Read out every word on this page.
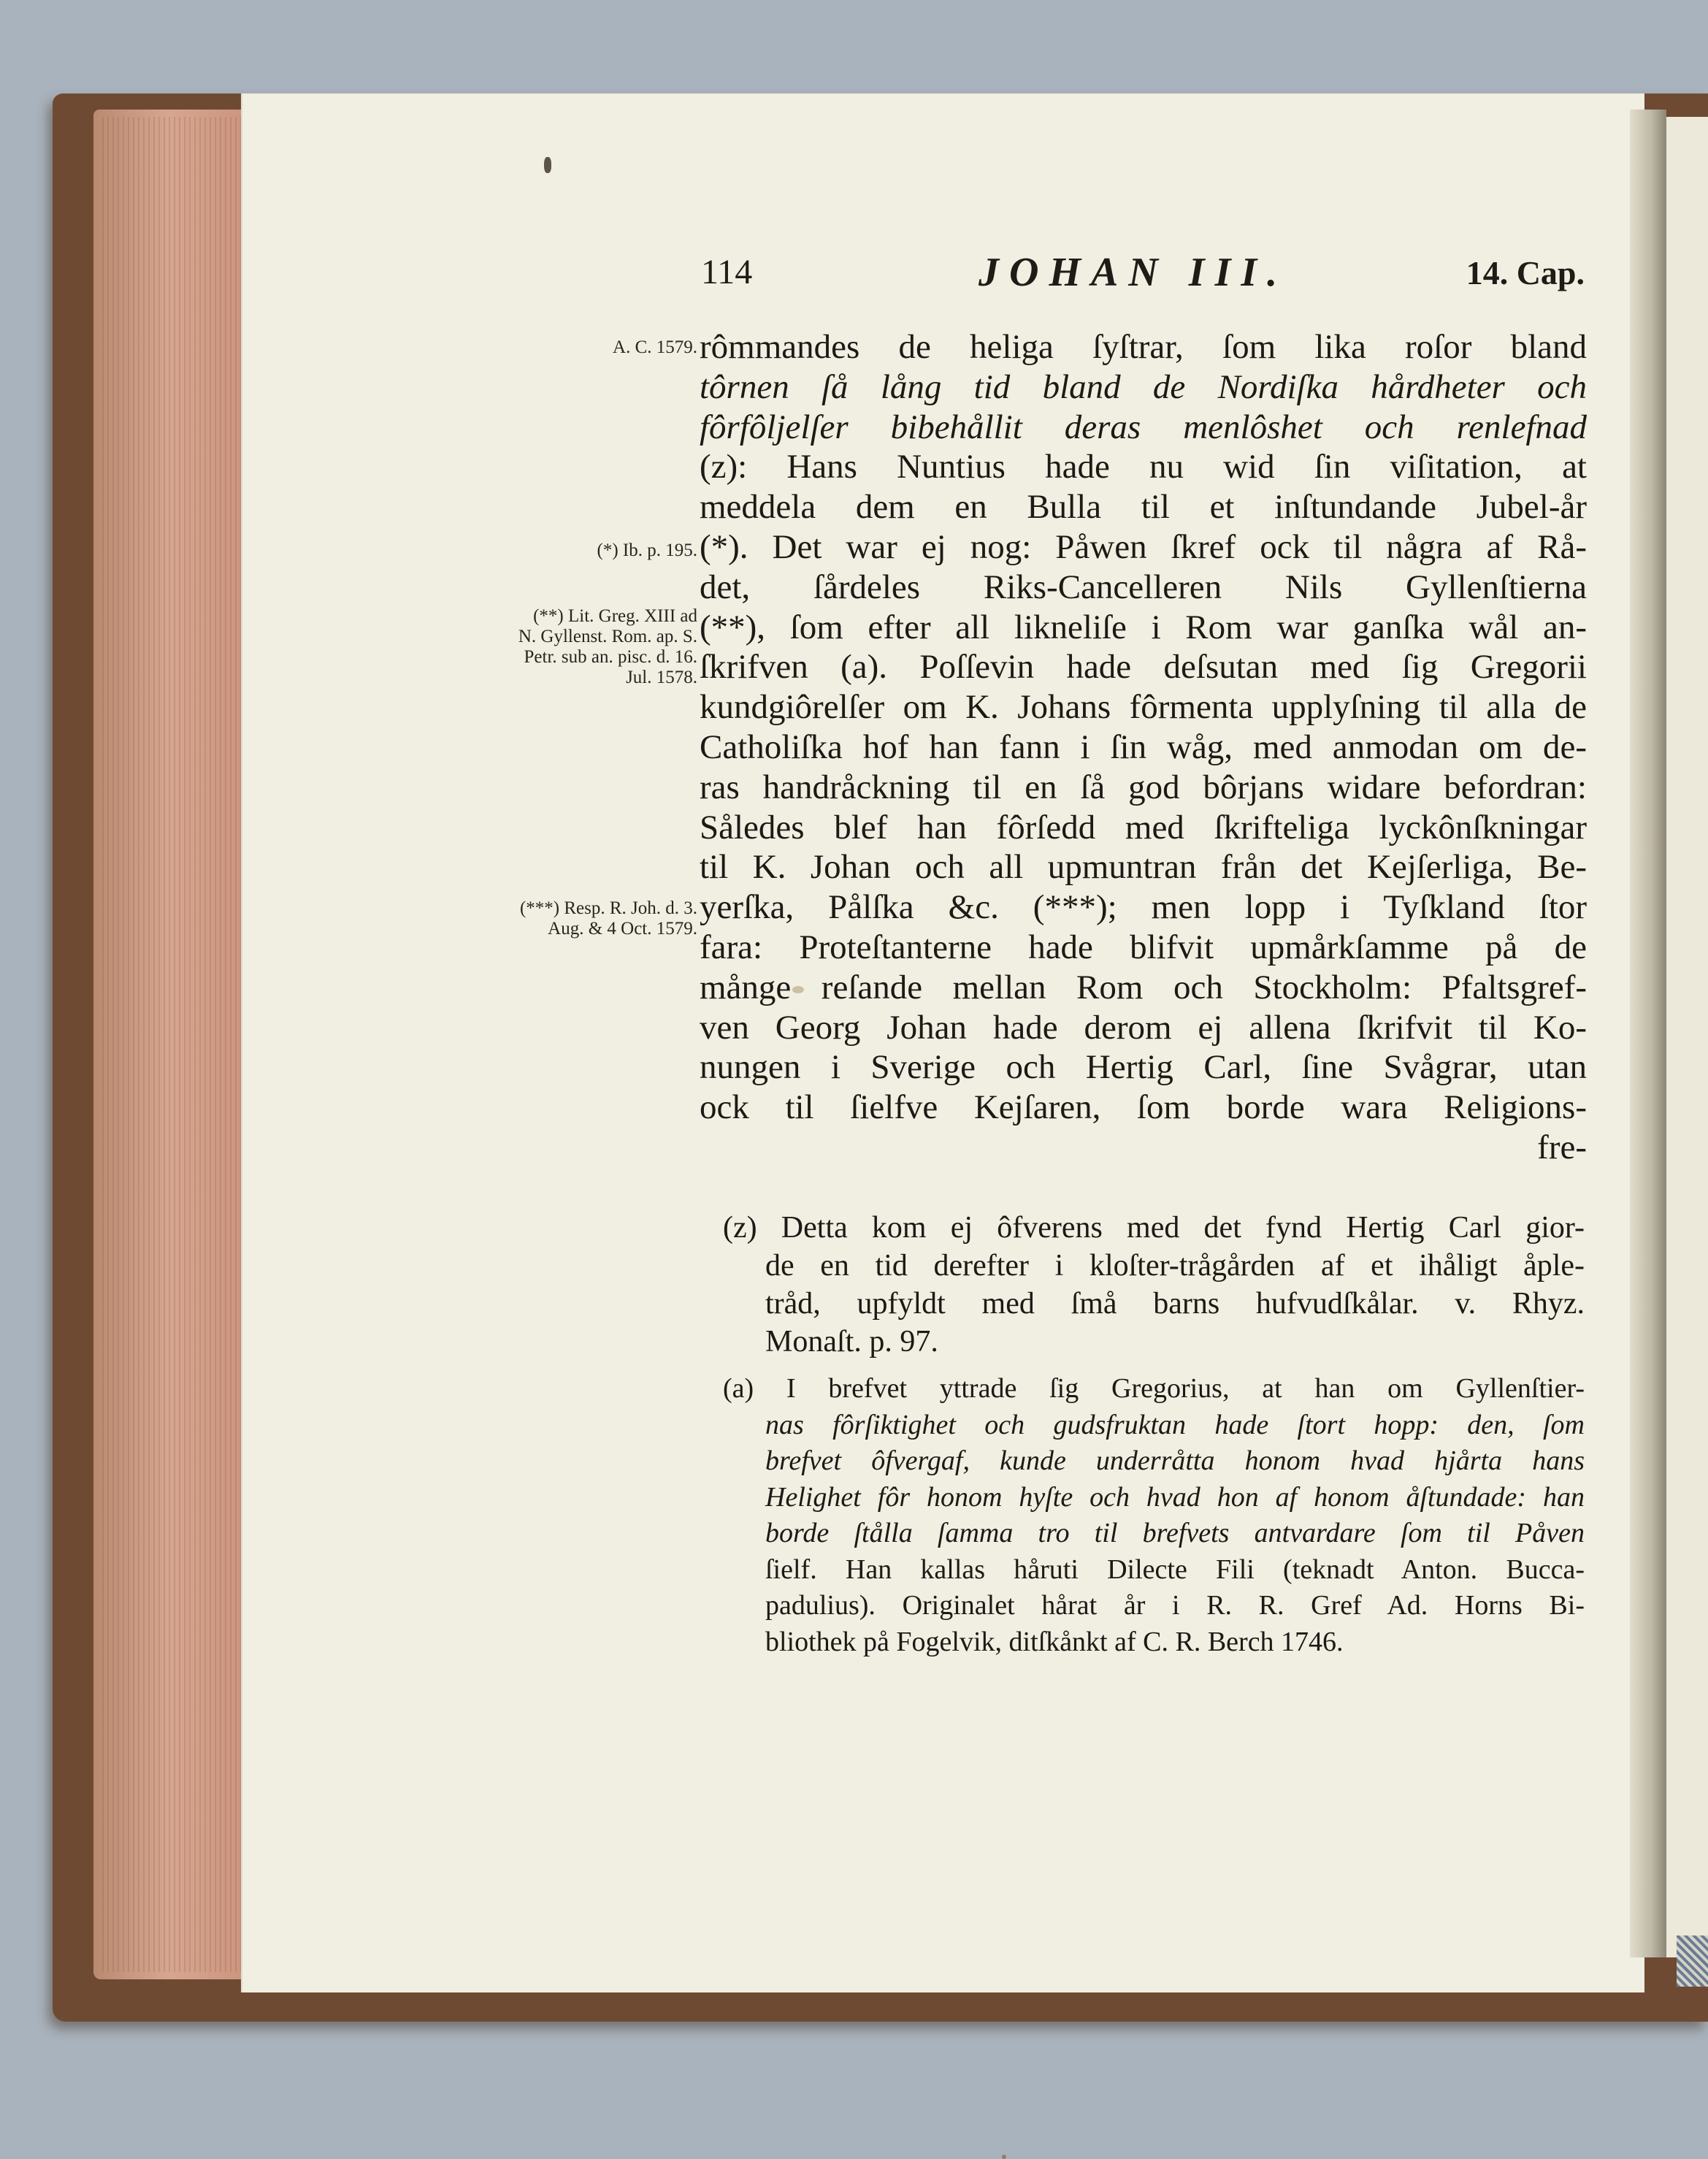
114	JOHAN III.	14. Cap.
A. C. 1579.
(*) Ib. p. 195.
(**) Lit. Greg. XIII ad N. Gyllenst. Rom. ap. S. Petr. sub an. pisc. d. 16. Jul. 1578.
(***) Resp. R. Joh. d. 3. Aug. & 4 Oct. 1579.
rômmandes de heliga ſyſtrar, ſom lika roſor bland
tôrnen ſå lång tid bland de Nordiſka hårdheter och
fôrfôljelſer bibehållit deras menlôshet och renlefnad
(z): Hans Nuntius hade nu wid ſin viſitation, at
meddela dem en Bulla til et inſtundande Jubel-år
(*). Det war ej nog: Påwen ſkref ock til några af Rå-
det, ſårdeles Riks-Cancelleren Nils Gyllenſtierna
(**), ſom efter all likneliſe i Rom war ganſka wål an-
ſkrifven (a). Poſſevin hade deſsutan med ſig Gregorii
kundgiôrelſer om K. Johans fôrmenta upplyſning til alla de
Catholiſka hof han fann i ſin wåg, med anmodan om de-
ras handråckning til en ſå god bôrjans widare befordran:
Således blef han fôrſedd med ſkrifteliga lyckônſkningar
til K. Johan och all upmuntran från det Kejſerliga, Be-
yerſka, Pålſka &c. (***); men lopp i Tyſkland ſtor
fara: Proteſtanterne hade blifvit upmårkſamme på de
månge reſande mellan Rom och Stockholm: Pfaltsgref-
ven Georg Johan hade derom ej allena ſkrifvit til Ko-
nungen i Sverige och Hertig Carl, ſine Svågrar, utan
ock til ſielfve Kejſaren, ſom borde wara Religions-
fre-
(z) Detta kom ej ôfverens med det fynd Hertig Carl gior-
de en tid derefter i kloſter-trågården af et ihåligt åple-
tråd, upfyldt med ſmå barns hufvudſkålar. v. Rhyz.
Monaſt. p. 97.
(a) I brefvet yttrade ſig Gregorius, at han om Gyllenſtier-
nas fôrſiktighet och gudsfruktan hade ſtort hopp: den, ſom
brefvet ôfvergaf, kunde underråtta honom hvad hjårta hans
Helighet fôr honom hyſte och hvad hon af honom åſtundade: han
borde ſtålla ſamma tro til brefvets antvardare ſom til Påven
ſielf. Han kallas håruti Dilecte Fili (teknadt Anton. Bucca-
padulius). Originalet hårat år i R. R. Gref Ad. Horns Bi-
bliothek på Fogelvik, ditſkånkt af C. R. Berch 1746.
